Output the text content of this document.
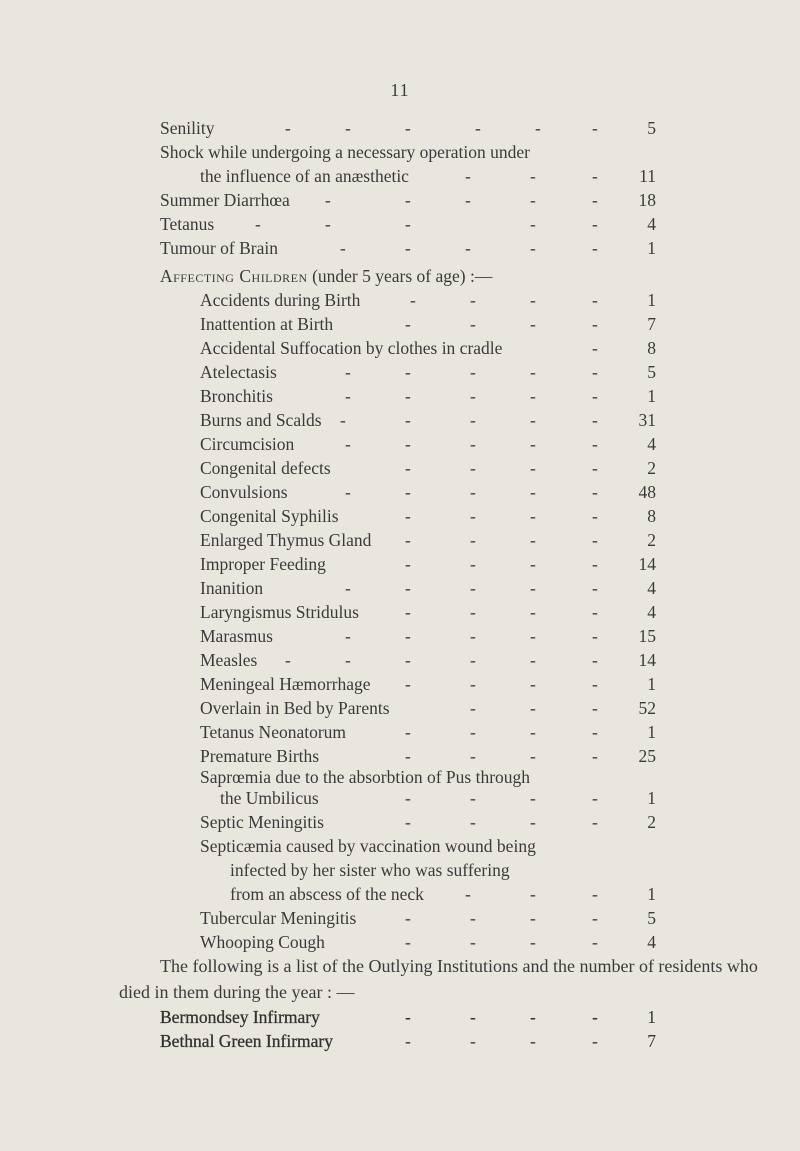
11
Senility	-	-	-	-	-	-	5
Shock while undergoing a necessary operation under
the influence of an anæsthetic	-	-	-	11
Summer Diarrhœa -	-	-	-	-	18
Tetanus -	-	-	-	-	4
Tumour of Brain	-	-	-	-	-	1
Affecting Children (under 5 years of age) :—
Accidents during Birth	-	-	-	-	1
Inattention at Birth	-	-	-	-	7
Accidental Suffocation by clothes in cradle	-	8
Atelectasis	-	-	-	-	-	5
Bronchitis	-	-	-	-	-	1
Burns and Scalds -	-	-	-	-	31
Circumcision	-	-	-	-	-	4
Congenital defects	-	-	-	-	2
Convulsions	-	-	-	-	-	48
Congenital Syphilis	-	-	-	-	8
Enlarged Thymus Gland -	-	-	-	2
Improper Feeding	-	-	-	-	14
Inanition	-	-	-	-	-	4
Laryngismus Stridulus	-	-	-	-	4
Marasmus	-	-	-	-	-	15
Measles -	-	-	-	-	-	14
Meningeal Hæmorrhage -	-	-	-	1
Overlain in Bed by Parents	-	-	-	52
Tetanus Neonatorum	-	-	-	-	1
Premature Births	-	-	-	-	25
Saprœmia due to the absorbtion of Pus through
the Umbilicus	-	-	-	-	1
Septic Meningitis	-	-	-	-	2
Septicæmia caused by vaccination wound being
infected by her sister who was suffering
from an abscess of the neck -	-	-	1
Tubercular Meningitis	-	-	-	-	5
Whooping Cough	-	-	-	-	4
The following is a list of the Outlying Institutions and the number of residents who died in them during the year : —
Bermondsey Infirmary	-	-	-	-	1
Bethnal Green Infirmary	-	-	-	-	7
